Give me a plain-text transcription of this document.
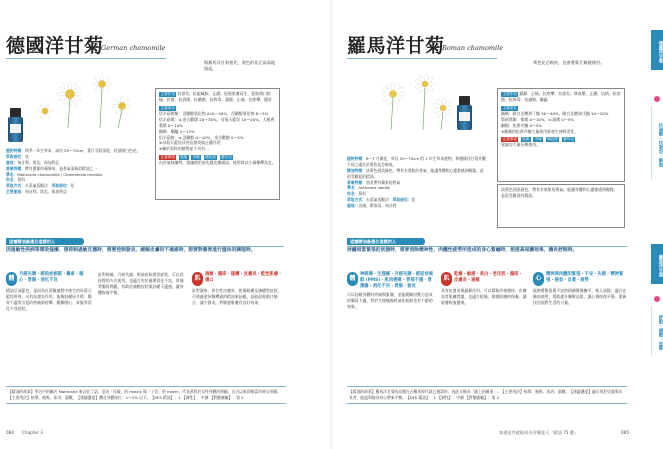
德國洋甘菊
German chamomile
與羅馬洋甘菊相比，黃色的花芯高高地隆起。
主要作用 抗發炎、抗組織胺、止癢、促進肌膚再生、促進傷口結痂、抗菌、抗真菌、抗黴菌、抗病毒、鎮靜、止痛、抗痙攣、健胃
主要成分
倍半萜烯類：沒藥醇氧化物 A10～40%，沒藥醇氧化物 B～5%
倍半萜烯：α-金合歡烯 20～30%，母菊天藍烴 10～20%，大根香葉烯 0～10%
酯類：順醯 2～15%
倍半萜醇：α-沒藥醇 0～10%，金合歡醇 0～5%
※母菊天藍烴具有抗發炎與止癢作用
※屬於菊科的植物並不具有…
注意事項 過敏 孕婦 哺乳期 嬰幼兒
由於氣味獨特，建議使用前先做皮膚測試，使用時以少量稀釋為宜。
植物特徵：秋季一年生草本，高約 50～70cm，葉片羽狀深裂，枝頂開白色花。
萃取部位：花
產地：匈牙利、埃及、保加利亞
香氣特徵：帶有濃郁的蘋果味，是香氣清新的精油之一
學名：Matricaria chamomilla / Chamomilla recutita
科名：菊科
萃取方式：水蒸氣蒸餾法　 萃取部位：花
主要產地：匈牙利、埃及、保加利亞
這種精油最適合這樣的人
因過敏性疾病等導致搔癢、想抑制過敏反應時，想要控制發炎、緩解皮膚的不適感時，想要對腸胃進行溫和的調理時。
體
月經失調・經前症候群・暈車・噁心・胃脹・消化不良
精油呈深藍色，是因為在蒸餾過程中產生的母菊天藍烴所致，具有抗發炎作用，能夠舒緩因月經、腸胃不適等引起的疼痛與痙攣，緩解噁心、胃脹等消化不良症狀。
針對經痛、月經失調、經前症候群等症狀，可以用按摩的方式使用。也適合用於處理消化不良、胃痛等腸胃問題，有助於減輕症狀與舒緩不適感，讓身體恢復平衡。
肌
過敏・濕疹・搔癢・皮膚炎・乾性肌膚・傷口
針對濕疹、異位性皮膚炎、乾燥肌膚及搔癢等症狀，可透過塗抹稀釋過的精油來舒緩，並能促進傷口癒合、減少發炎，對敏感肌膚有良好效果。
【精油的故事】學名中的屬名 Matricaria 來自拉丁語，意為「母親」的 matrix 與「子宮」的 mater，代表著對於女性身體的照顧，自古以來即被當作婦女用藥。【主要用法】按摩、嗅吸、沐浴、濕敷。【建議濃度】體及身體部位：1～2% 以下。【DFS 精油】：1 【調性】：中調 【對應脈輪】：第 2
084 Chapter 3
羅馬洋甘菊
Roman chamomile
黃色花芯較低，也會將葉片無縫使用。
主要作用 鎮靜、止痛、抗痙攣、抗發炎、降血壓、止癢、抗病、抗真菌、抗病毒、抗過敏、驅蟲
主要成分
酯類：歐白芷酸異丁酯 30～40%，歐白芷酸異戊酯 10～20%
單萜烯類：樟烯 0～10%，α-蒎烯 0～5%
酮類：松香芹酮 0～5%
※酯類的松香芹酮大量使用會產生神經毒性。
注意事項 妊娠 孕婦 哺乳期 嬰幼兒
建議勿大量長期使用。
植物特徵：6～7 月開花，草長 50～70cm 的 1 年生草本植物，和德國洋甘菊外觀不同之處在於黃色花芯較低。
精油特徵：淡黃色到淡綠色，帶有水果般的香氣，能讓身體和心靈都感到輕鬆，是很受歡迎的精油。
香氣特徵：甜美帶有蘋果的香氣
學名：Anthemis nobilis
科名：菊科
萃取方式：水蒸氣蒸餾法　 萃取部位：花
產地：法國、摩洛哥、匈牙利
淡黃色到淡綠色，帶有水果般的香氣，能讓身體和心靈都感到輕鬆，是很受歡迎的精油。
這種精油最適合這樣的人
持續相當緊張的狀態時，想要消除精神性、肉體性疲勞所造成的身心緊繃時，想提高保護效果、擁有舒眠時。
體
神經痛・生理痛・月經失調・經前症候群 (PMS)・肌肉痠痛・胃部不適・胃潰瘍・消化不良・胃脹・發炎
可以舒緩身體的疼痛與緊繃，並能緩解因壓力造成的腸胃不適，對於生理痛與經前症候群也有不錯的效果。
肌
乾燥・敏感・美白・老化肌・濕疹・皮膚炎・過敏
具有抗發炎與鎮靜作用，可以幫助改善濕疹、皮膚炎等肌膚問題，也適合乾燥、敏感肌膚的保養，讓肌膚恢復健康。
心
精神與肉體的緊張・不安・失眠・精神緊張・倦怠・自責・疲勞
能夠將緊張與不安的情緒慢慢撫平，使人放鬆，適合在睡前使用，幫助提升睡眠品質，讓心情恢復平靜，重新找回面對生活的力量。
【精油的故事】羅馬洋甘菊的品種在古羅馬時代就已被栽培，因此又稱為「地上的蘋果」。【主要用法】按摩、嗅吸、沐浴、濕敷。【建議濃度】適合用於兒童與年長者，能溫和地為身心帶來平衡。【DFS 精油】：1 【調性】：中調 【對應脈輪】：第 4
知道這些就能成為芳療達人「精油 75 選」	085
德國洋甘菊
抗過敏・抗發炎・解脫
羅馬洋甘菊
舒眠・減壓・放鬆
